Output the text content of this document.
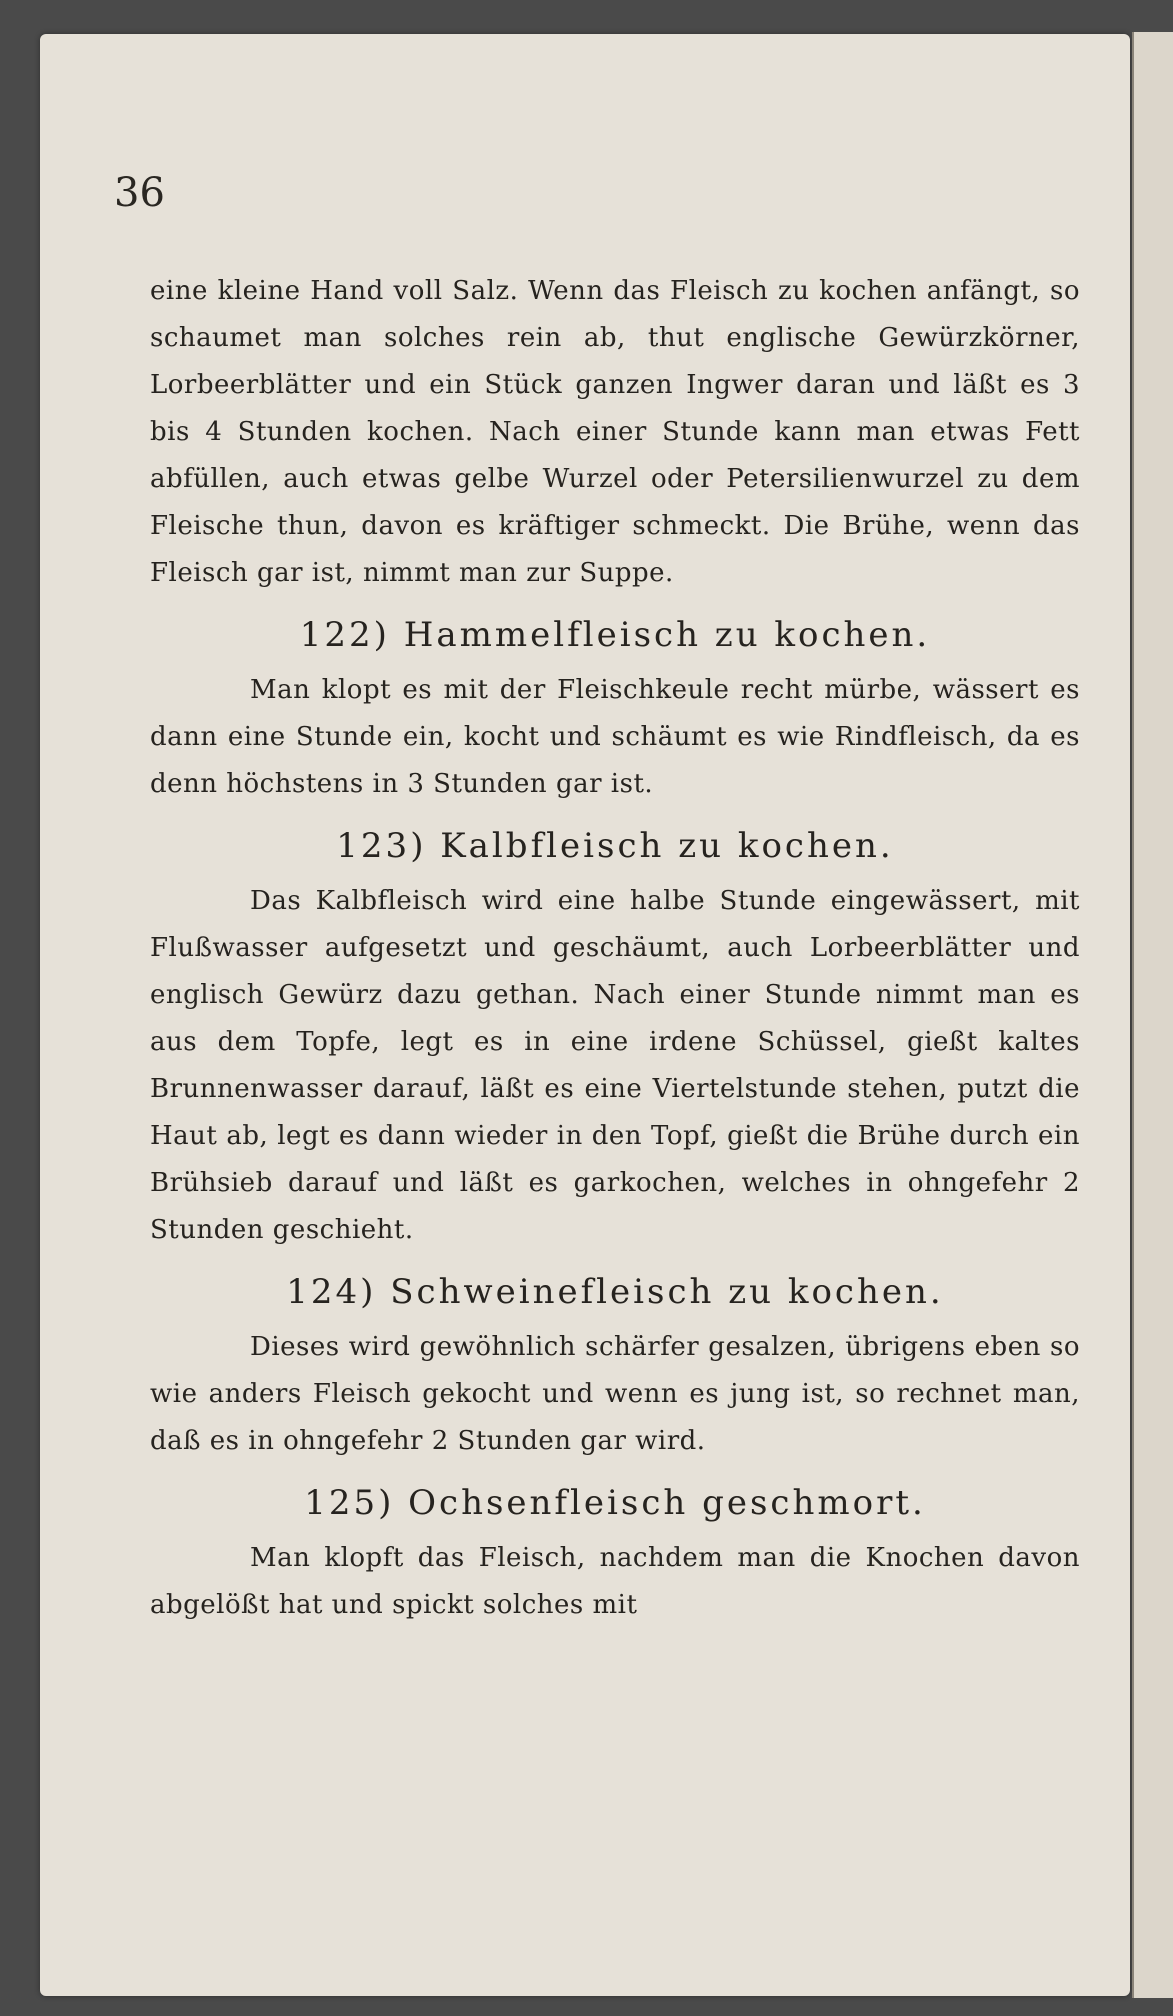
36

eine kleine Hand voll Salz. Wenn das Fleisch zu kochen anfängt, so schaumet man solches rein ab, thut englische Gewürzkörner, Lorbeerblätter und ein Stück ganzen Ingwer daran und läßt es 3 bis 4 Stunden kochen. Nach einer Stunde kann man etwas Fett abfüllen, auch etwas gelbe Wurzel oder Petersilienwurzel zu dem Fleische thun, davon es kräftiger schmeckt. Die Brühe, wenn das Fleisch gar ist, nimmt man zur Suppe.

122) Hammelfleisch zu kochen.

Man klopt es mit der Fleischkeule recht mürbe, wässert es dann eine Stunde ein, kocht und schäumt es wie Rindfleisch, da es denn höchstens in 3 Stunden gar ist.

123) Kalbfleisch zu kochen.

Das Kalbfleisch wird eine halbe Stunde eingewässert, mit Flußwasser aufgesetzt und geschäumt, auch Lorbeerblätter und englisch Gewürz dazu gethan. Nach einer Stunde nimmt man es aus dem Topfe, legt es in eine irdene Schüssel, gießt kaltes Brunnenwasser darauf, läßt es eine Viertelstunde stehen, putzt die Haut ab, legt es dann wieder in den Topf, gießt die Brühe durch ein Brühsieb darauf und läßt es garkochen, welches in ohngefehr 2 Stunden geschieht.

124) Schweinefleisch zu kochen.

Dieses wird gewöhnlich schärfer gesalzen, übrigens eben so wie anders Fleisch gekocht und wenn es jung ist, so rechnet man, daß es in ohngefehr 2 Stunden gar wird.

125) Ochsenfleisch geschmort.

Man klopft das Fleisch, nachdem man die Knochen davon abgelößt hat und spickt solches mit
